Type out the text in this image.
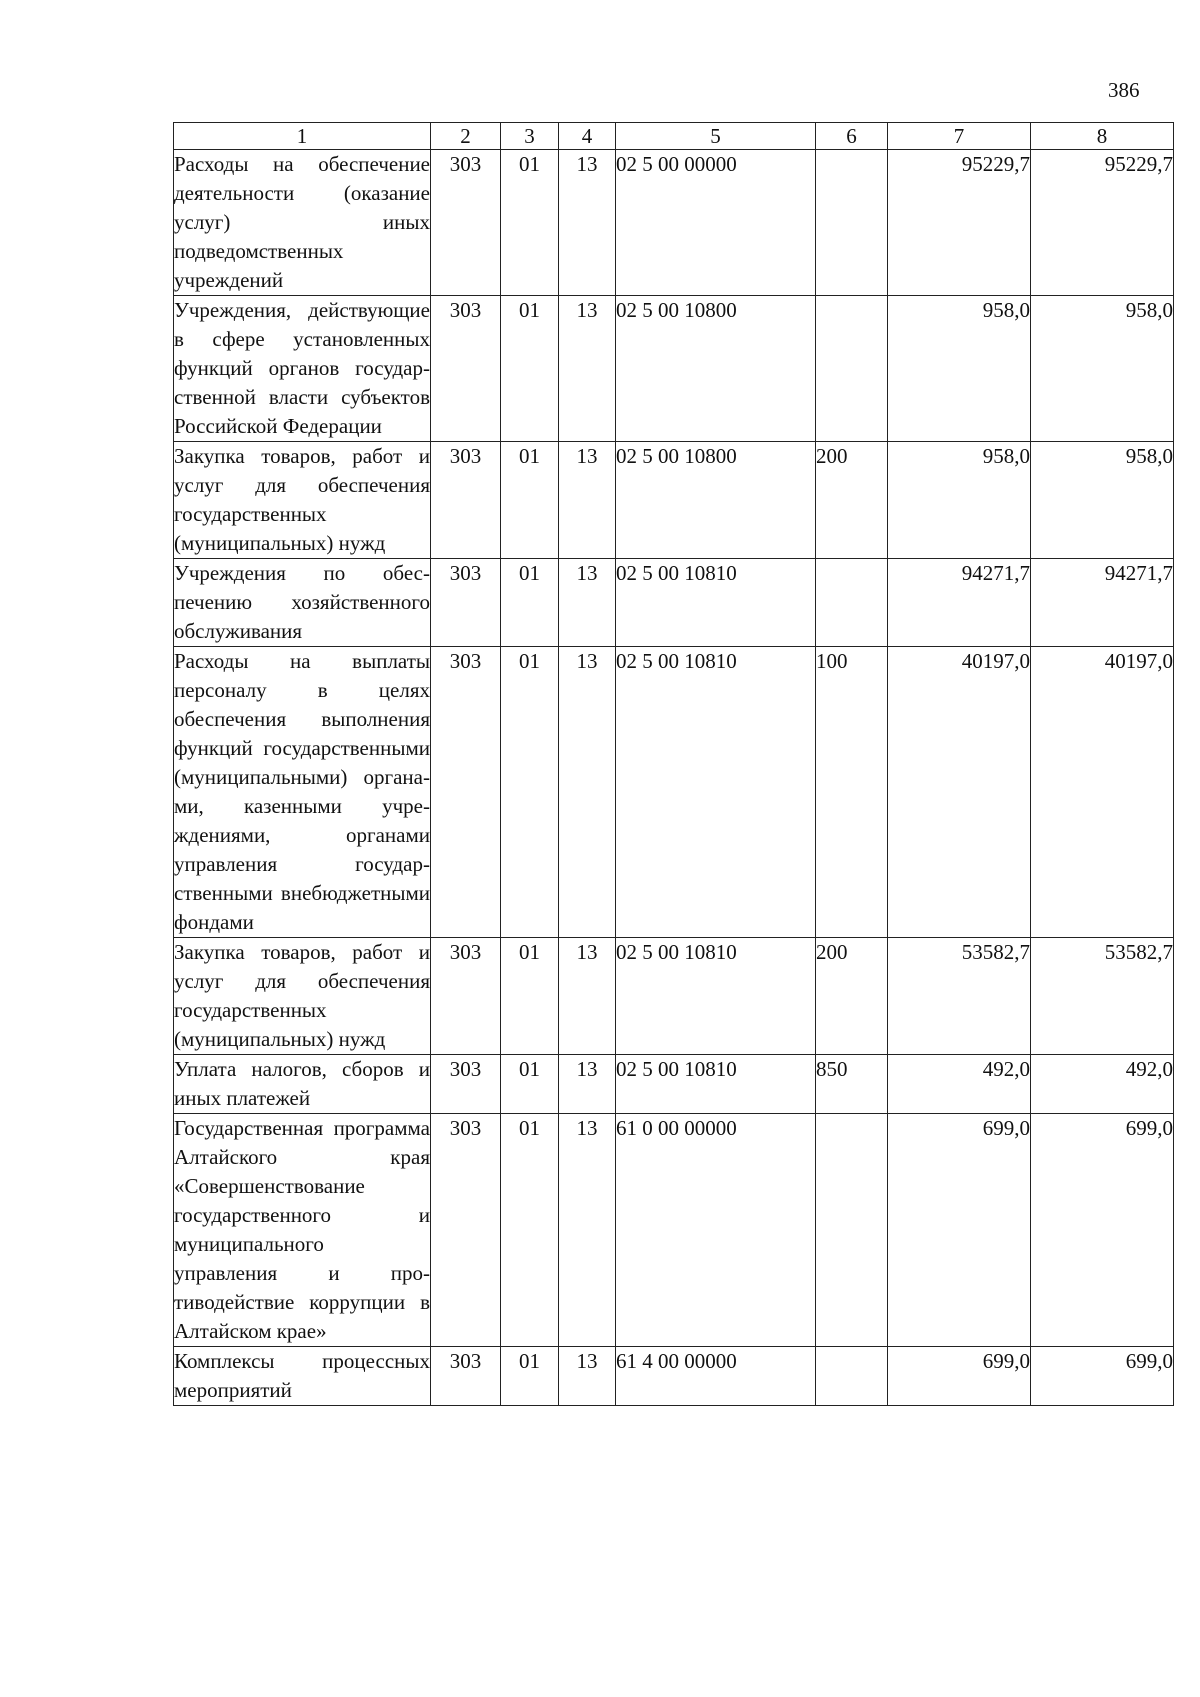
386
1	2	3	4	5	6	7	8
Расходы на обеспечение деятельности (оказание услуг) иных подведомственных учреждений	303	01	13	02 5 00 00000		95229,7	95229,7
Учреждения, действующие в сфере установленных функций органов государственной власти субъектов Российской Федерации	303	01	13	02 5 00 10800		958,0	958,0
Закупка товаров, работ и услуг для обеспечения государственных (муниципальных) нужд	303	01	13	02 5 00 10800	200	958,0	958,0
Учреждения по обеспечению хозяйственного обслуживания	303	01	13	02 5 00 10810		94271,7	94271,7
Расходы на выплаты персоналу в целях обеспечения выполнения функций государственными (муниципальными) органами, казенными учреждениями, органами управления государственными внебюджетными фондами	303	01	13	02 5 00 10810	100	40197,0	40197,0
Закупка товаров, работ и услуг для обеспечения государственных (муниципальных) нужд	303	01	13	02 5 00 10810	200	53582,7	53582,7
Уплата налогов, сборов и иных платежей	303	01	13	02 5 00 10810	850	492,0	492,0
Государственная программа Алтайского края «Совершенствование государственного и муниципального управления и противодействие коррупции в Алтайском крае»	303	01	13	61 0 00 00000		699,0	699,0
Комплексы процессных мероприятий	303	01	13	61 4 00 00000		699,0	699,0
